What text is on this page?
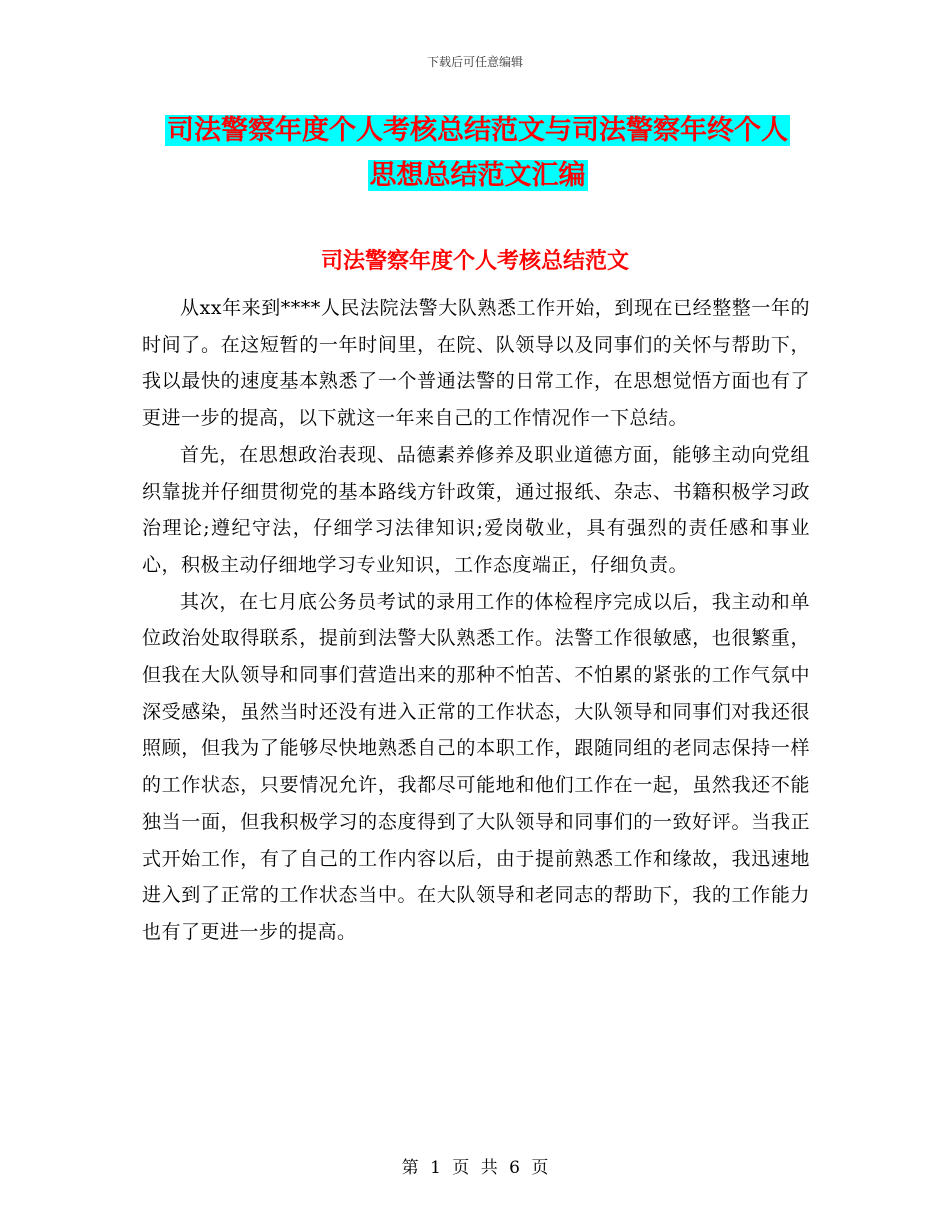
下载后可任意编辑
司法警察年度个人考核总结范文与司法警察年终个人
思想总结范文汇编
司法警察年度个人考核总结范文

从xx年来到****人民法院法警大队熟悉工作开始，到现在已经整整一年的时间了。在这短暂的一年时间里，在院、队领导以及同事们的关怀与帮助下，我以最快的速度基本熟悉了一个普通法警的日常工作，在思想觉悟方面也有了更进一步的提高，以下就这一年来自己的工作情况作一下总结。

首先，在思想政治表现、品德素养修养及职业道德方面，能够主动向党组织靠拢并仔细贯彻党的基本路线方针政策，通过报纸、杂志、书籍积极学习政治理论;遵纪守法，仔细学习法律知识;爱岗敬业，具有强烈的责任感和事业心，积极主动仔细地学习专业知识，工作态度端正，仔细负责。

其次，在七月底公务员考试的录用工作的体检程序完成以后，我主动和单位政治处取得联系，提前到法警大队熟悉工作。法警工作很敏感，也很繁重，但我在大队领导和同事们营造出来的那种不怕苦、不怕累的紧张的工作气氛中深受感染，虽然当时还没有进入正常的工作状态，大队领导和同事们对我还很照顾，但我为了能够尽快地熟悉自己的本职工作，跟随同组的老同志保持一样的工作状态，只要情况允许，我都尽可能地和他们工作在一起，虽然我还不能独当一面，但我积极学习的态度得到了大队领导和同事们的一致好评。当我正式开始工作，有了自己的工作内容以后，由于提前熟悉工作和缘故，我迅速地进入到了正常的工作状态当中。在大队领导和老同志的帮助下，我的工作能力也有了更进一步的提高。

第 1 页 共 6 页
